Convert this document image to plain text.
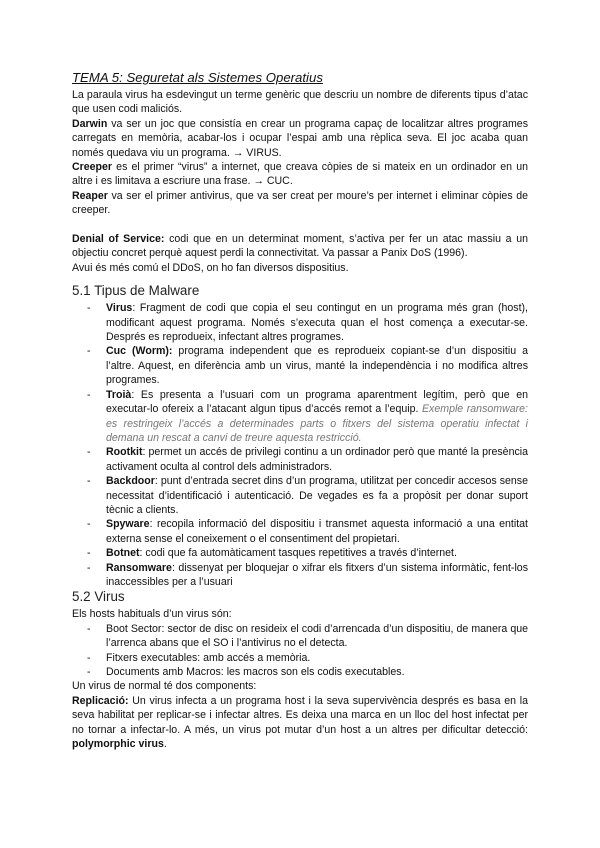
TEMA 5: Seguretat als Sistemes Operatius

La paraula virus ha esdevingut un terme genèric que descriu un nombre de diferents tipus d’atac que usen codi maliciós.

Darwin va ser un joc que consistía en crear un programa capaç de localitzar altres programes carregats en memòria, acabar-los i ocupar l’espai amb una rèplica seva. El joc acaba quan només quedava viu un programa. → VIRUS.

Creeper es el primer “virus” a internet, que creava còpies de si mateix en un ordinador en un altre i es limitava a escriure una frase. → CUC.

Reaper va ser el primer antivirus, que va ser creat per moure’s per internet i eliminar còpies de creeper.

Denial of Service: codi que en un determinat moment, s’activa per fer un atac massiu a un objectiu concret perquè aquest perdi la connectivitat. Va passar a Panix DoS (1996).

Avui és més comú el DDoS, on ho fan diversos dispositius.

5.1 Tipus de Malware
- Virus: Fragment de codi que copia el seu contingut en un programa més gran (host), modificant aquest programa. Només s’executa quan el host comença a executar-se. Després es reprodueix, infectant altres programes.
- Cuc (Worm): programa independent que es reprodueix copiant-se d’un dispositiu a l’altre. Aquest, en diferència amb un virus, manté la independència i no modifica altres programes.
- Troià: Es presenta a l’usuari com un programa aparentment legítim, però que en executar-lo ofereix a l’atacant algun tipus d’accés remot a l’equip. Exemple ransomware: es restringeix l’accés a determinades parts o fitxers del sistema operatiu infectat i demana un rescat a canvi de treure aquesta restricció.
- Rootkit: permet un accés de privilegi continu a un ordinador però que manté la presència activament oculta al control dels administradors.
- Backdoor: punt d’entrada secret dins d’un programa, utilitzat per concedir accesos sense necessitat d’identificació i autenticació. De vegades es fa a propòsit per donar suport tècnic a clients.
- Spyware: recopila informació del dispositiu i transmet aquesta informació a una entitat externa sense el coneixement o el consentiment del propietari.
- Botnet: codi que fa automàticament tasques repetitives a través d’internet.
- Ransomware: dissenyat per bloquejar o xifrar els fitxers d’un sistema informàtic, fent-los inaccessibles per a l’usuari
5.2 Virus

Els hosts habituals d’un virus són:

- Boot Sector: sector de disc on resideix el codi d’arrencada d’un dispositiu, de manera que l’arrenca abans que el SO i l’antivirus no el detecta.
- Fitxers executables: amb accés a memòria.
- Documents amb Macros: les macros son els codis executables.

Un virus de normal té dos components:

Replicació: Un virus infecta a un programa host i la seva supervivència després es basa en la seva habilitat per replicar-se i infectar altres. Es deixa una marca en un lloc del host infectat per no tornar a infectar-lo. A més, un virus pot mutar d’un host a un altres per dificultar detecció: polymorphic virus.
